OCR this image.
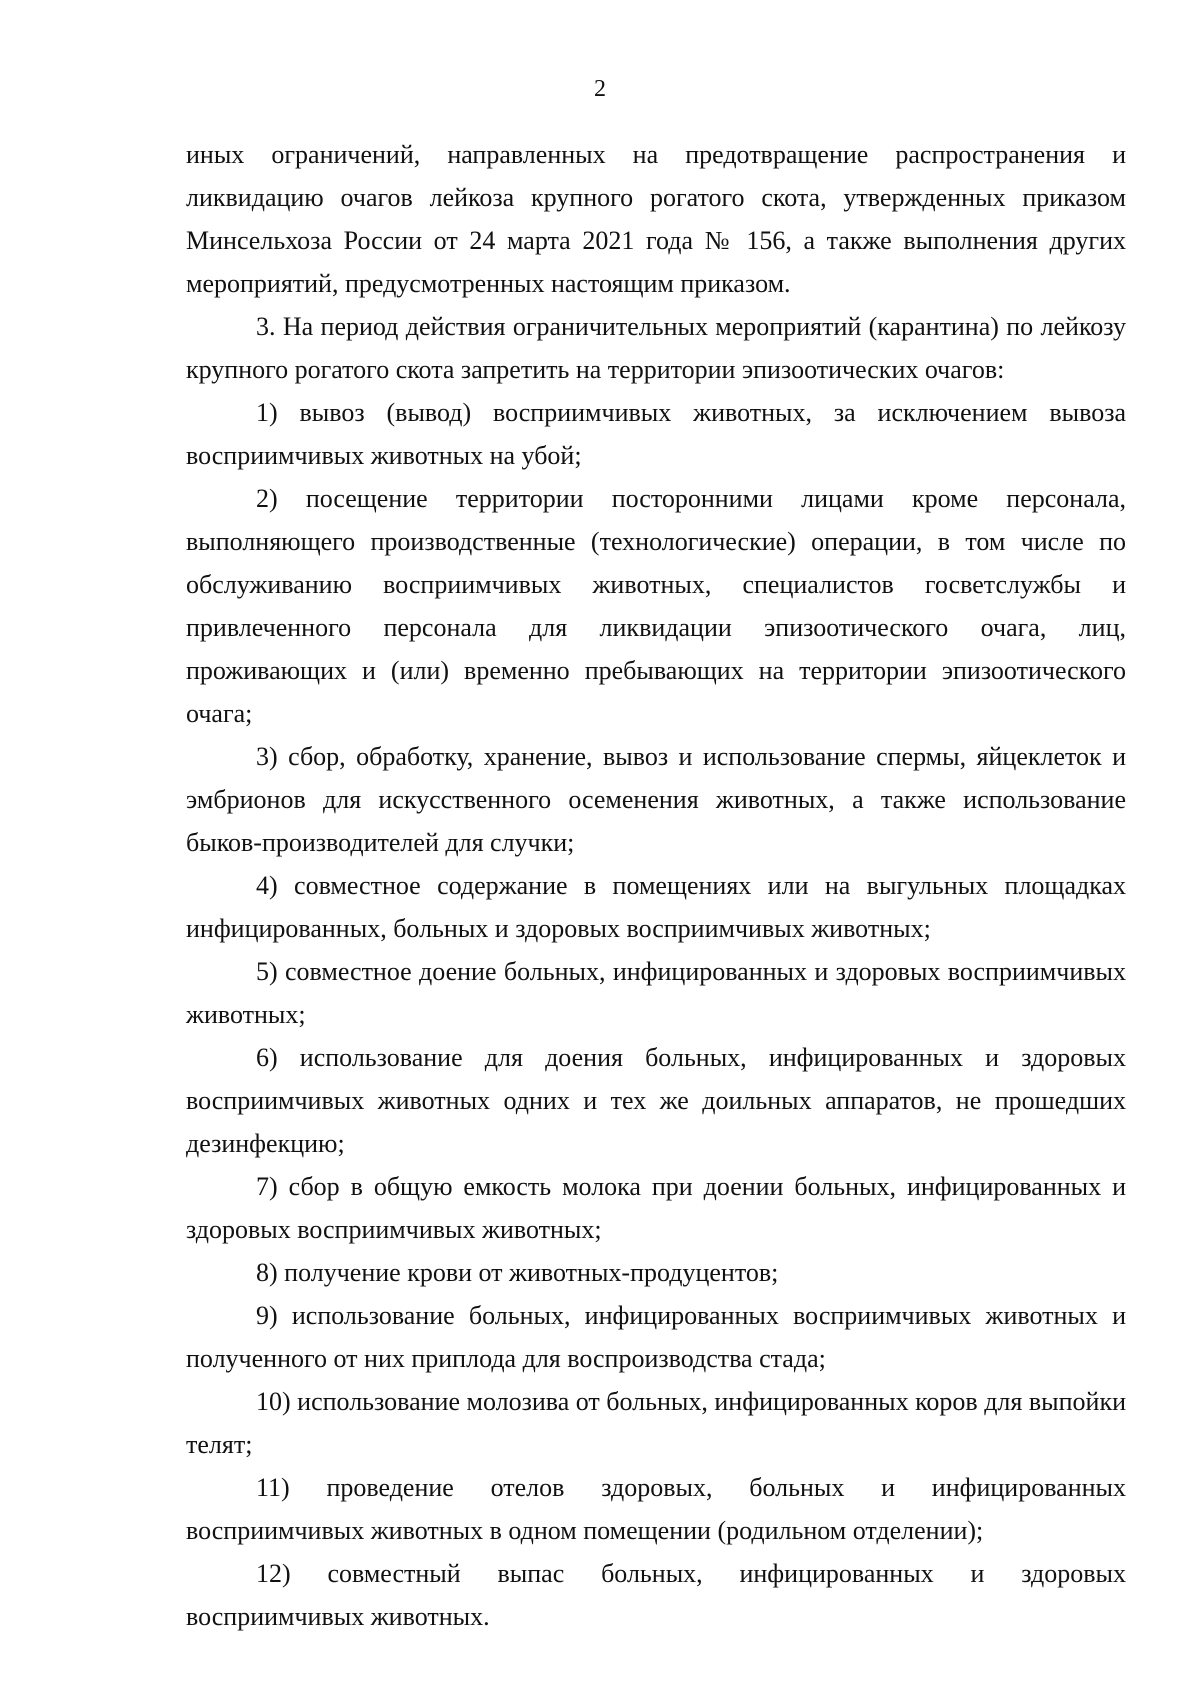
2

иных ограничений, направленных на предотвращение распространения и ликвидацию очагов лейкоза крупного рогатого скота, утвержденных приказом Минсельхоза России от 24 марта 2021 года № 156, а также выполнения других мероприятий, предусмотренных настоящим приказом.

3. На период действия ограничительных мероприятий (карантина) по лейкозу крупного рогатого скота запретить на территории эпизоотических очагов:

1) вывоз (вывод) восприимчивых животных, за исключением вывоза восприимчивых животных на убой;

2) посещение территории посторонними лицами кроме персонала, выполняющего производственные (технологические) операции, в том числе по обслуживанию восприимчивых животных, специалистов госветслужбы и привлеченного персонала для ликвидации эпизоотического очага, лиц, проживающих и (или) временно пребывающих на территории эпизоотического очага;

3) сбор, обработку, хранение, вывоз и использование спермы, яйцеклеток и эмбрионов для искусственного осеменения животных, а также использование быков-производителей для случки;

4) совместное содержание в помещениях или на выгульных площадках инфицированных, больных и здоровых восприимчивых животных;

5) совместное доение больных, инфицированных и здоровых восприимчивых животных;

6) использование для доения больных, инфицированных и здоровых восприимчивых животных одних и тех же доильных аппаратов, не прошедших дезинфекцию;

7) сбор в общую емкость молока при доении больных, инфицированных и здоровых восприимчивых животных;

8) получение крови от животных-продуцентов;

9) использование больных, инфицированных восприимчивых животных и полученного от них приплода для воспроизводства стада;

10) использование молозива от больных, инфицированных коров для выпойки телят;

11) проведение отелов здоровых, больных и инфицированных восприимчивых животных в одном помещении (родильном отделении);

12) совместный выпас больных, инфицированных и здоровых восприимчивых животных.
